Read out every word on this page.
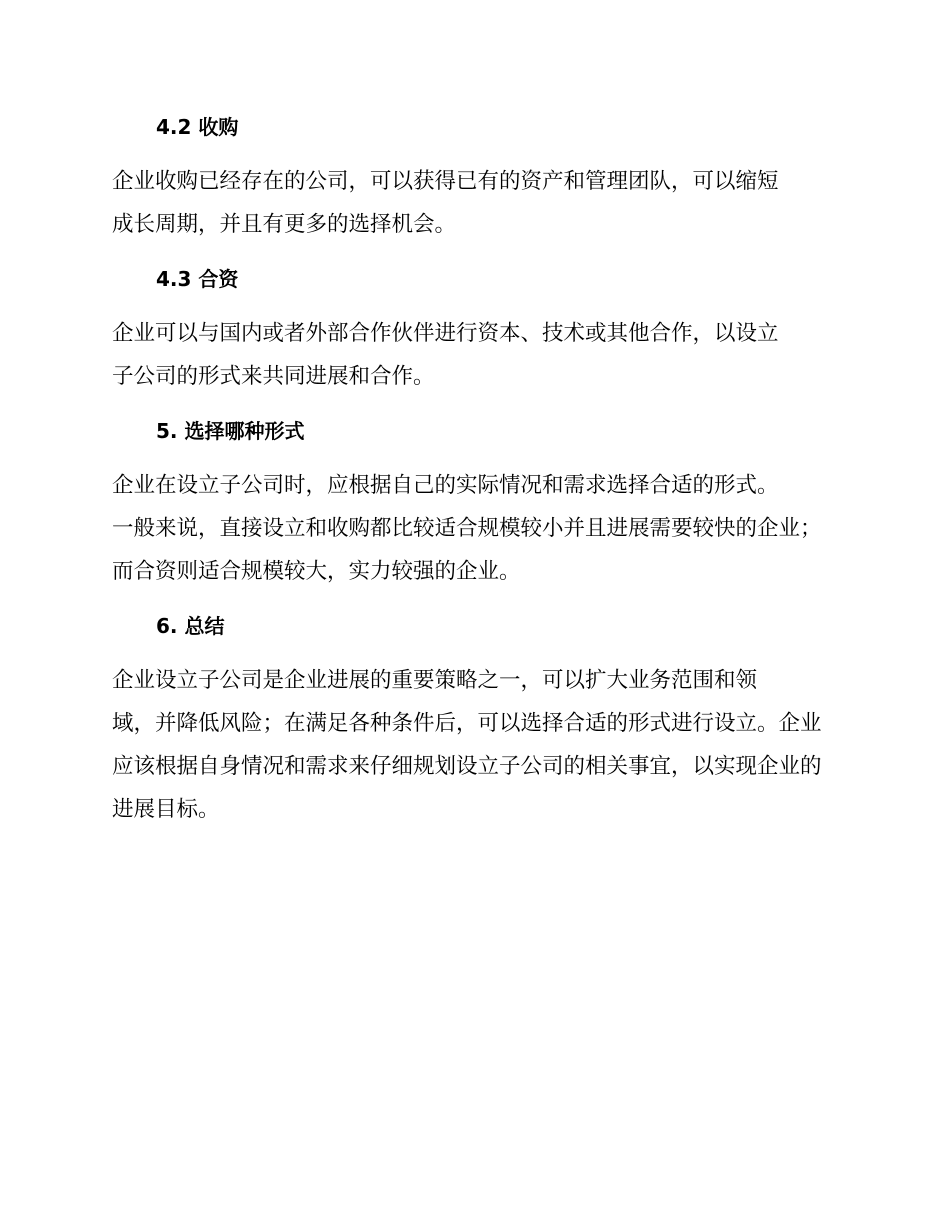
4.2 收购
企业收购已经存在的公司，可以获得已有的资产和管理团队，可以缩短
成长周期，并且有更多的选择机会。
4.3 合资
企业可以与国内或者外部合作伙伴进行资本、技术或其他合作，以设立
子公司的形式来共同进展和合作。
5. 选择哪种形式
企业在设立子公司时，应根据自己的实际情况和需求选择合适的形式。
一般来说，直接设立和收购都比较适合规模较小并且进展需要较快的企业；
而合资则适合规模较大，实力较强的企业。
6. 总结
企业设立子公司是企业进展的重要策略之一，可以扩大业务范围和领
域，并降低风险；在满足各种条件后，可以选择合适的形式进行设立。企业
应该根据自身情况和需求来仔细规划设立子公司的相关事宜，以实现企业的
进展目标。
